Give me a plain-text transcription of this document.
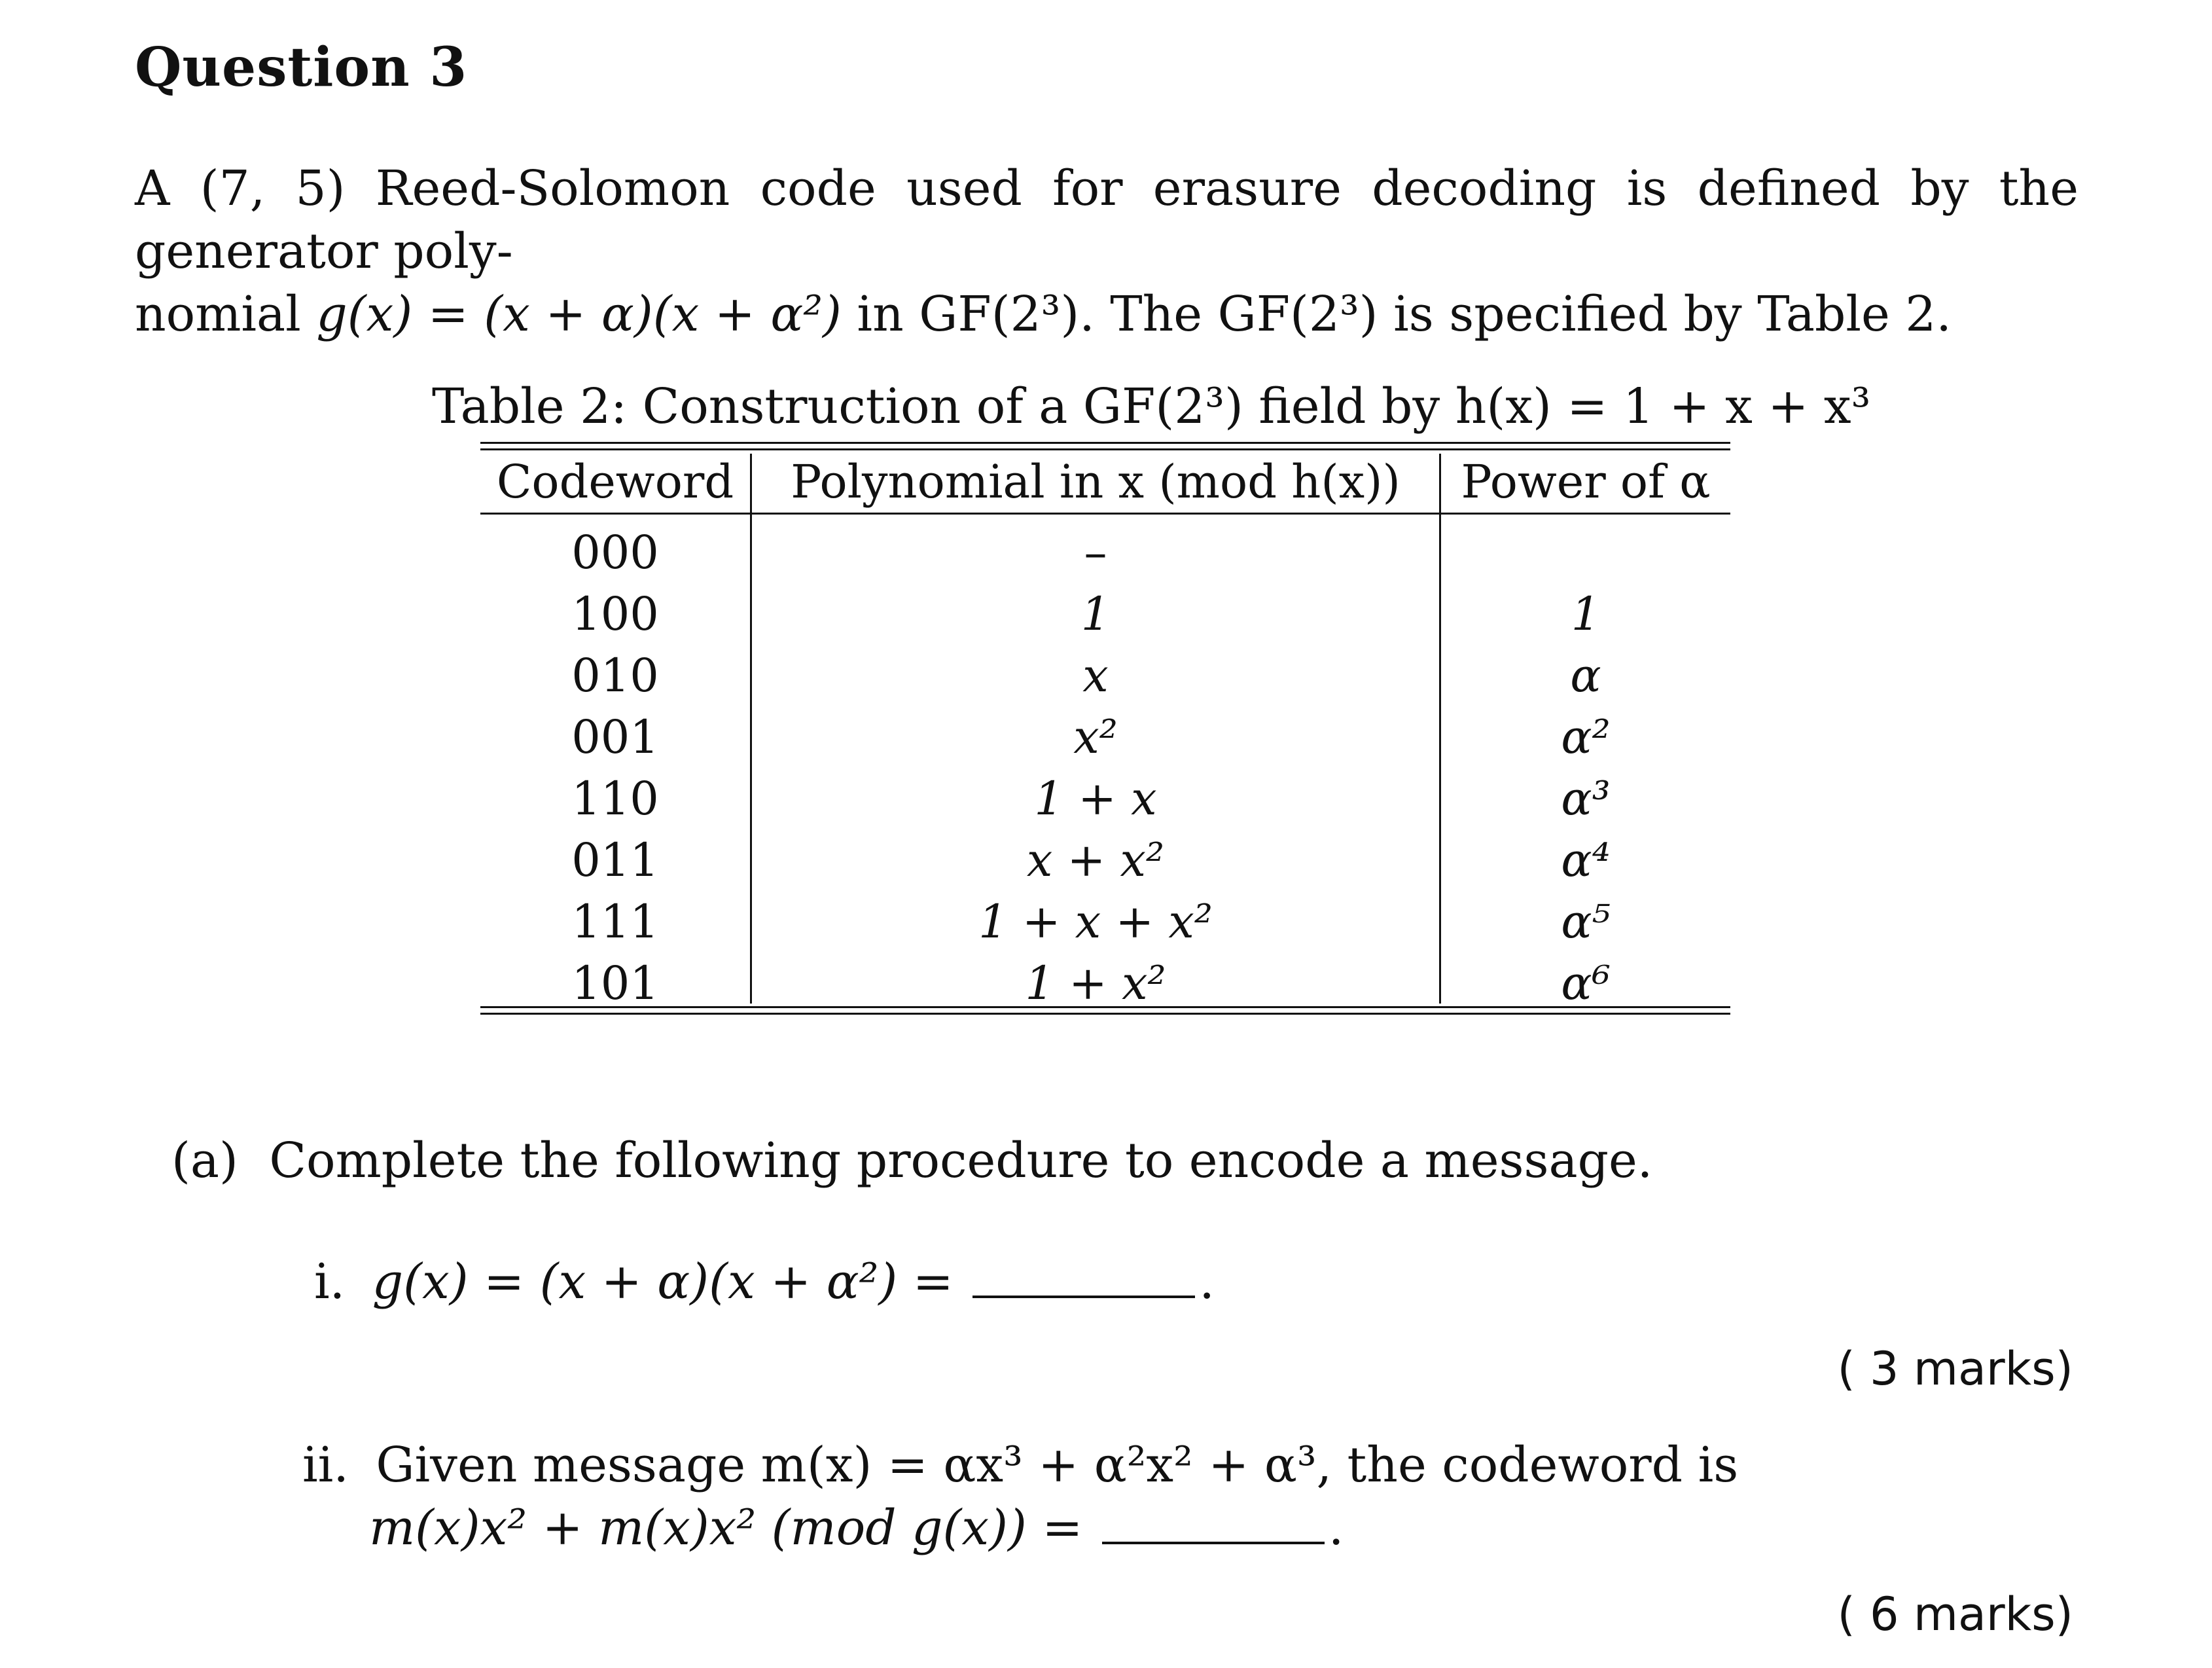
Question 3
A (7, 5) Reed-Solomon code used for erasure decoding is defined by the generator poly-
nomial g(x) = (x + α)(x + α²) in GF(2³). The GF(2³) is specified by Table 2.
Table 2: Construction of a GF(2³) field by h(x) = 1 + x + x³
Codeword	Polynomial in x (mod h(x))	Power of α
000	–
100	1	1
010	x	α
001	x²	α²
110	1 + x	α³
011	x + x²	α⁴
111	1 + x + x²	α⁵
101	1 + x²	α⁶
(a) Complete the following procedure to encode a message.
i. g(x) = (x + α)(x + α²) =	.
( 3 marks)
ii. Given message m(x) = αx³ + α²x² + α³, the codeword is
m(x)x² + m(x)x² (mod g(x)) =	.
( 6 marks)
